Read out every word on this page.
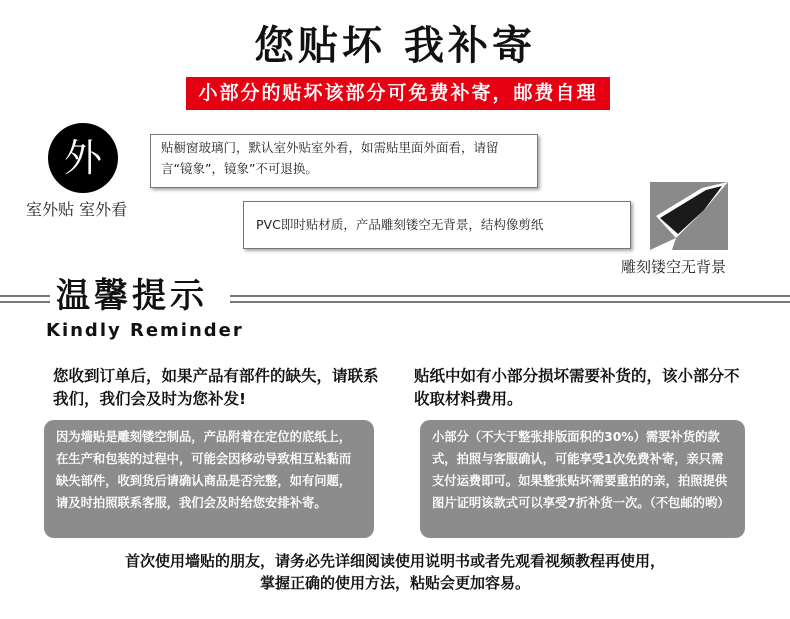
您贴坏 我补寄
小部分的贴坏该部分可免费补寄，邮费自理
外
室外贴 室外看
贴橱窗玻璃门，默认室外贴室外看，如需贴里面外面看，请留言“镜象”，镜象”不可退换。
PVC即时贴材质，产品雕刻镂空无背景，结构像剪纸
雕刻镂空无背景
温馨提示
Kindly Reminder
您收到订单后，如果产品有部件的缺失，请联系我们，我们会及时为您补发!
贴纸中如有小部分损坏需要补货的，该小部分不收取材料费用。
因为墙贴是雕刻镂空制品，产品附着在定位的底纸上，在生产和包装的过程中，可能会因移动导致相互粘黏而缺失部件，收到货后请确认商品是否完整，如有问题，请及时拍照联系客服，我们会及时给您安排补寄。
小部分（不大于整张排版面积的30%）需要补货的款式，拍照与客服确认，可能享受1次免费补寄，亲只需支付运费即可。如果整张贴坏需要重拍的亲，拍照提供图片证明该款式可以享受7折补货一次。（不包邮的哟）
首次使用墙贴的朋友，请务必先详细阅读使用说明书或者先观看视频教程再使用，
掌握正确的使用方法，粘贴会更加容易。
